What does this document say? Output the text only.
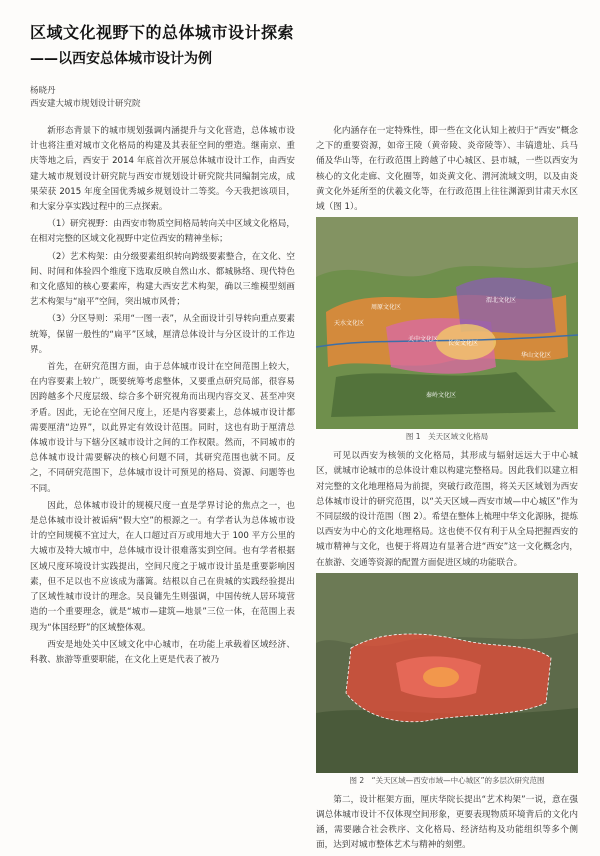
区域文化视野下的总体城市设计探索
——以西安总体城市设计为例
杨晓丹
西安建大城市规划设计研究院

新形态背景下的城市规划强调内涵提升与文化营造，总体城市设计也将注重对城市文化格局的构建及其表征空间的塑造。继南京、重庆等地之后，西安于 2014 年底首次开展总体城市设计工作，由西安建大城市规划设计研究院与西安市规划设计研究院共同编制完成，成果荣获 2015 年度全国优秀城乡规划设计二等奖。今天我把该项目，和大家分享实践过程中的三点探索。

（1）研究视野：由西安市物质空间格局转向关中区域文化格局，在相对完整的区域文化视野中定位西安的精神坐标；

（2）艺术构架：由分级要素组织转向跨级要素整合，在文化、空间、时间和体验四个维度下选取反映自然山水、都城脉络、现代特色和文化感知的核心要素库，构建大西安艺术构架，确以三维模型刻画艺术构架与“扇平”空间，突出城市风骨；

（3）分区导则：采用“一图一表”，从全面设计引导转向重点要素统筹，保留一般性的“扁平”区域，厘清总体设计与分区设计的工作边界。

首先，在研究范围方面，由于总体城市设计在空间范围上较大，在内容要素上较广，既要统筹考虑整体，又要重点研究局部，很容易因跨越多个尺度层级、综合多个研究视角而出现内容交叉、甚至冲突矛盾。因此，无论在空间尺度上，还是内容要素上，总体城市设计都需要厘清“边界”，以此界定有效设计范围。同时，这也有助于厘清总体城市设计与下辖分区城市设计之间的工作权限。然而，不同城市的总体城市设计需要解决的核心问题不同，其研究范围也就不同。反之，不同研究范围下，总体城市设计可预见的格局、资源、问题等也不同。

因此，总体城市设计的规模尺度一直是学界讨论的焦点之一，也是总体城市设计被诟病“假大空”的根源之一。有学者认为总体城市设计的空间规模不宜过大，在人口超过百万或用地大于 100 平方公里的大城市及特大城市中，总体城市设计很难落实到空间。也有学者根据区域尺度环境设计实践提出，空间尺度之于城市设计虽是重要影响因素，但不足以也不应该成为藩篱。结根以自己在贵城的实践经验提出了区域性城市设计的理念。吴良镛先生则强调，中国传统人居环境营造的一个重要理念，就是“城市—建筑—地景”三位一体，在范围上表现为“体国经野”的区域整体观。

西安是地处关中区域文化中心城市，在功能上承载着区域经济、科教、旅游等重要职能，在文化上更是代表了被乃

化内涵存在一定特殊性，即一些在文化认知上被归于“西安”概念之下的重要资源，如帝王陵（黄帝陵、炎帝陵等）、丰镐遗址、兵马俑及华山等，在行政范围上跨越了中心城区、县市城，一些以西安为核心的文化走廊、文化圈等，如炎黄文化、渭河流域文明，以及由炎黄文化外延所至的伏羲文化等，在行政范围上往往渊源到甘肃天水区域（图 1）。

天水文化区
关中文化区
周原文化区
长安文化区
秦岭文化区
渭北文化区
华山文化区
图 1　关天区域文化格局

可见以西安为核领的文化格局，其形成与辐射远远大于中心城区，就城市论城市的总体设计难以构建完整格局。因此我们以建立相对完整的文化地理格局为前提，突破行政范围，将关天区域划为西安总体城市设计的研究范围，以“关天区域—西安市域—中心城区”作为不同层级的设计范围（图 2）。希望在整体上梳理中华文化源脉，提炼以西安为中心的文化地理格局。这也使不仅有利于从全局把握西安的城市精神与文化，也便于将周边有显著合进“西安”这一文化概念内，在旅游、交通等资源的配置方面促进区域的功能联合。

图 2　“关天区域—西安市域—中心城区”的多层次研究范围

第二，设计框架方面，厘庆华院长提出“艺术构架”一说，意在强调总体城市设计不仅体现空间形象，更要表现物质环境背后的文化内涵，需要融合社会秩序、文化格局、经济结构及功能组织等多个侧面，达到对城市整体艺术与精神的刻塑。
